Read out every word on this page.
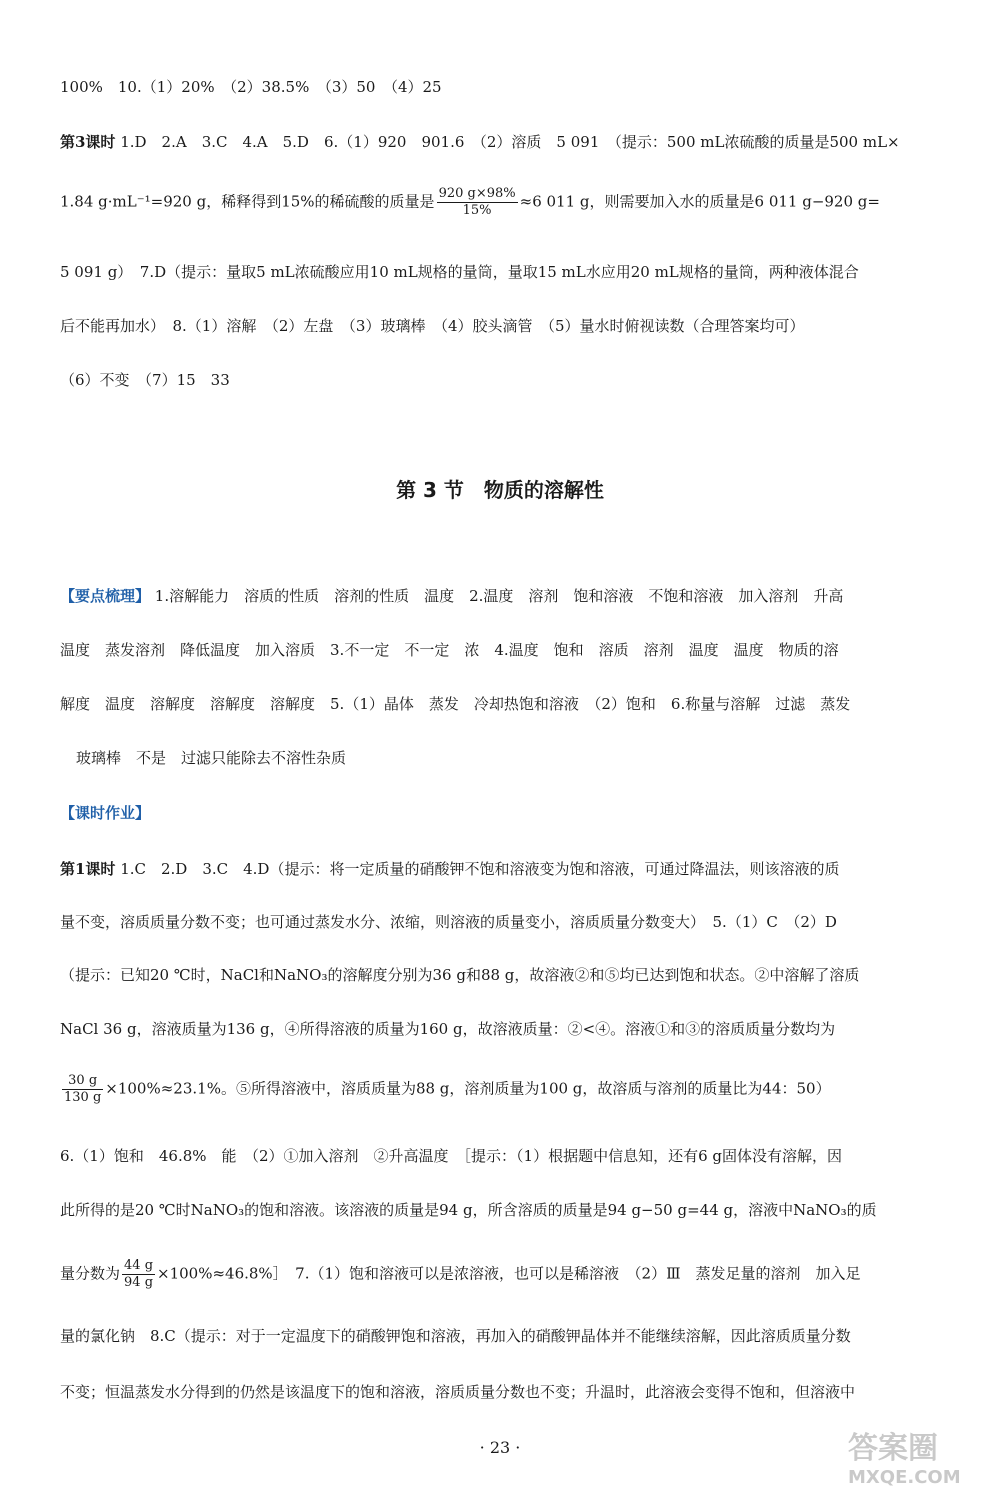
100%　10.（1）20%　（2）38.5%　（3）50　（4）25
第3课时 1.D　2.A　3.C　4.A　5.D　6.（1）920　901.6　（2）溶质　5 091　（提示：500 mL浓硫酸的质量是500 mL×
1.84 g·mL⁻¹=920 g，稀释得到15%的稀硫酸的质量是 $\frac{920 g\times 98\%}{15\%} \approx 6$ 011 g，则需要加入水的质量是6 011 g−920 g=
5 091 g）　7.D（提示：量取5 mL浓硫酸应用10 mL规格的量筒，量取15 mL水应用20 mL规格的量筒，两种液体混合
后不能再加水）　8.（1）溶解　（2）左盘　（3）玻璃棒　（4）胶头滴管　（5）量水时俯视读数（合理答案均可）
（6）不变　（7）15　33
第 3 节　物质的溶解性
【要点梳理】 1.溶解能力　溶质的性质　溶剂的性质　温度　2.温度　溶剂　饱和溶液　不饱和溶液　加入溶剂　升高
温度　蒸发溶剂　降低温度　加入溶质　3.不一定　不一定　浓　4.温度　饱和　溶质　溶剂　温度　温度　物质的溶
解度　温度　溶解度　溶解度　溶解度　5.（1）晶体　蒸发　冷却热饱和溶液　（2）饱和　6.称量与溶解　过滤　蒸发
玻璃棒　不是　过滤只能除去不溶性杂质
【课时作业】
第1课时 1.C　2.D　3.C　4.D（提示：将一定质量的硝酸钾不饱和溶液变为饱和溶液，可通过降温法，则该溶液的质
量不变，溶质质量分数不变；也可通过蒸发水分、浓缩，则溶液的质量变小，溶质质量分数变大）　5.（1）C　（2）D
（提示：已知20 ℃时，NaCl和NaNO₃的溶解度分别为36 g和88 g，故溶液②和⑤均已达到饱和状态。②中溶解了溶质
NaCl 36 g，溶液质量为136 g，④所得溶液的质量为160 g，故溶液质量：②<④。溶液①和③的溶质质量分数均为
$\frac{30 g}{130 g} \times 100\%\approx 23.1\%$。⑤所得溶液中，溶质质量为88 g，溶剂质量为100 g，故溶质与溶剂的质量比为44：50）
6.（1）饱和　46.8%　能　（2）①加入溶剂　②升高温度　［提示：（1）根据题中信息知，还有6 g固体没有溶解，因
此所得的是20 ℃时NaNO₃的饱和溶液。该溶液的质量是94 g，所含溶质的质量是94 g−50 g=44 g，溶液中NaNO₃的质
量分数为 $\frac{44 g}{94 g}$ ×100%≈46.8%］　7.（1）饱和溶液可以是浓溶液，也可以是稀溶液　（2）Ⅲ　蒸发足量的溶剂　加入足
量的氯化钠　8.C（提示：对于一定温度下的硝酸钾饱和溶液，再加入的硝酸钾晶体并不能继续溶解，因此溶质质量分数
不变；恒温蒸发水分得到的仍然是该温度下的饱和溶液，溶质质量分数也不变；升温时，此溶液会变得不饱和，但溶液中
· 23 ·	答案圈
MXQE.COM
